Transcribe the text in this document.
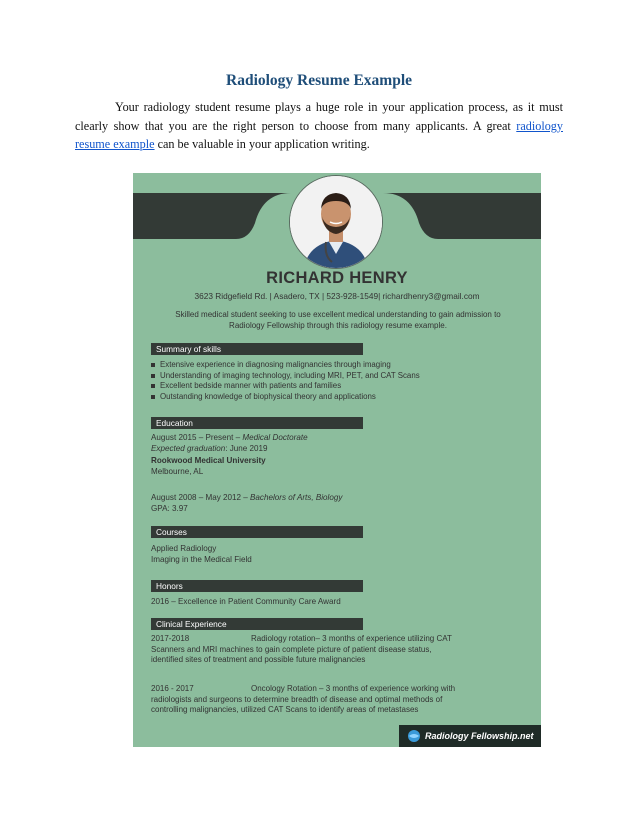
Radiology Resume Example
Your radiology student resume plays a huge role in your application process, as it must clearly show that you are the right person to choose from many applicants. A great radiology resume example can be valuable in your application writing.
RICHARD HENRY
3623 Ridgefield Rd. | Asadero, TX | 523-928-1549| richardhenry3@gmail.com
Skilled medical student seeking to use excellent medical understanding to gain admission to Radiology Fellowship through this radiology resume example.
Summary of skills
Extensive experience in diagnosing malignancies through imaging
Understanding of imaging technology, including MRI, PET, and CAT Scans
Excellent bedside manner with patients and families
Outstanding knowledge of biophysical theory and applications
Education
August 2015 – Present – Medical Doctorate
Expected graduation: June 2019
Rookwood Medical University
Melbourne, AL
August 2008 – May 2012 – Bachelors of Arts, Biology
GPA: 3.97
Courses
Applied Radiology
Imaging in the Medical Field
Honors
2016 – Excellence in Patient Community Care Award
Clinical Experience
2017-2018	Radiology rotation– 3 months of experience utilizing CAT
Scanners and MRI machines to gain complete picture of patient disease status,
identified sites of treatment and possible future malignancies
2016 - 2017	Oncology Rotation – 3 months of experience working with
radiologists and surgeons to determine breadth of disease and optimal methods of
controlling malignancies, utilized CAT Scans to identify areas of metastases
Radiology Fellowship.net
